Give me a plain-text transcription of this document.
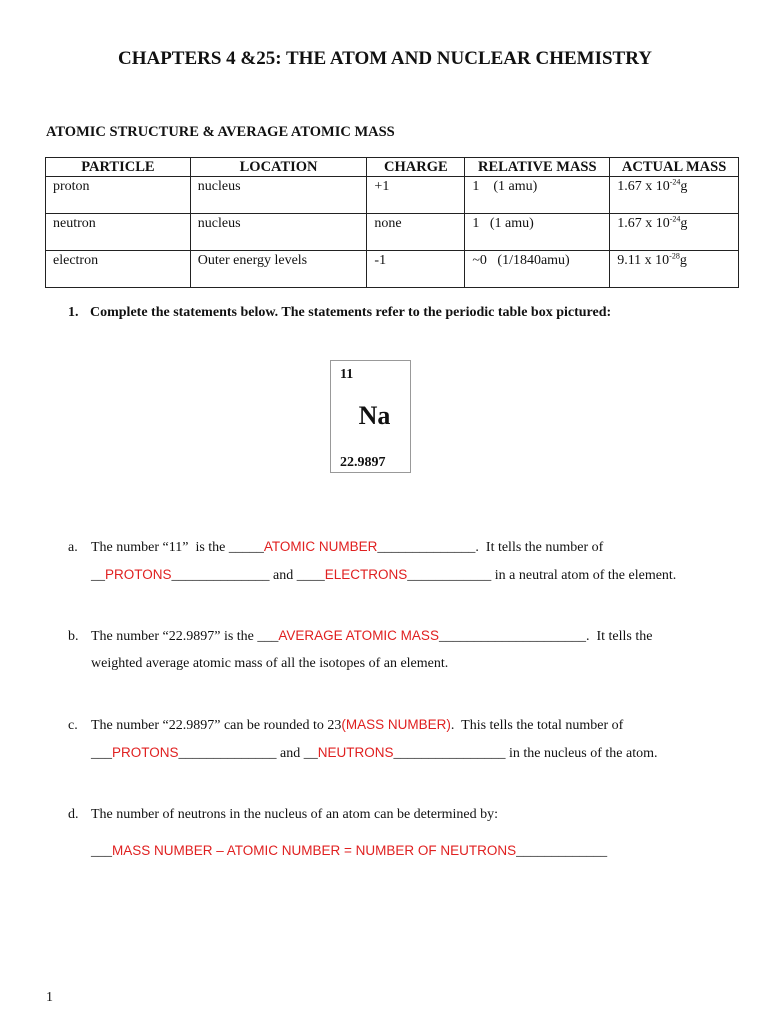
CHAPTERS 4 &25: THE ATOM AND NUCLEAR CHEMISTRY
ATOMIC STRUCTURE & AVERAGE ATOMIC MASS
PARTICLE	LOCATION	CHARGE	RELATIVE MASS	ACTUAL MASS
proton	nucleus	+1	1    (1 amu)	1.67 x $10^{-24}g$
neutron	nucleus	none	1   (1 amu)	1.67 x $10^{-24}g$
electron	Outer energy levels	-1	~0   (1/1840amu)	9.11 x $10^{-28}g$
1. Complete the statements below. The statements refer to the periodic table box pictured:
11
Na
22.9897
a. The number “11”  is the _____ATOMIC NUMBER______________.  It tells the number of
__PROTONS______________ and ____ELECTRONS____________ in a neutral atom of the element.
b. The number “22.9897” is the ___AVERAGE ATOMIC MASS_____________________.  It tells the
weighted average atomic mass of all the isotopes of an element.
c. The number “22.9897” can be rounded to 23(MASS NUMBER).  This tells the total number of
___PROTONS______________ and __NEUTRONS________________ in the nucleus of the atom.
d. The number of neutrons in the nucleus of an atom can be determined by:
___MASS NUMBER – ATOMIC NUMBER = NUMBER OF NEUTRONS_____________
1
